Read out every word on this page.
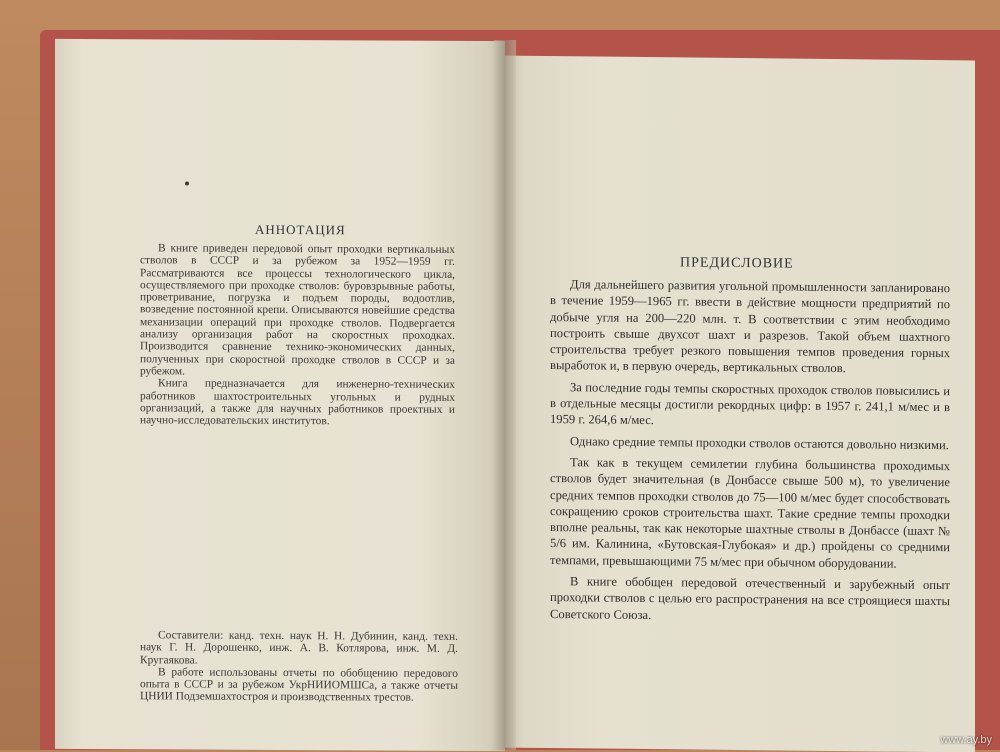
АННОТАЦИЯ

В книге приведен передовой опыт проходки вертикальных стволов в СССР и за рубежом за 1952—1959 гг. Рассматриваются все процессы технологического цикла, осуществляемого при проходке стволов: буровзрывные работы, проветривание, погрузка и подъем породы, водоотлив, возведение постоянной крепи. Описываются новейшие средства механизации операций при проходке стволов. Подвергается анализу организация работ на скоростных проходках. Производится сравнение технико-экономических данных, полученных при скоростной проходке стволов в СССР и за рубежом.

Книга предназначается для инженерно-технических работников шахтостроительных угольных и рудных организаций, а также для научных работников проектных и научно-исследовательских институтов.

Составители: канд. техн. наук Н. Н. Дубинин, канд. техн. наук Г. Н. Дорошенко, инж. А. В. Котлярова, инж. М. Д. Кругаякова.

В работе использованы отчеты по обобщению передового опыта в СССР и за рубежом УкрНИИОМШСа, а также отчеты ЦНИИ Подземшахтостроя и производственных трестов.

ПРЕДИСЛОВИЕ

Для дальнейшего развития угольной промышленности запланировано в течение 1959—1965 гг. ввести в действие мощности предприятий по добыче угля на 200—220 млн. т. В соответствии с этим необходимо построить свыше двухсот шахт и разрезов. Такой объем шахтного строительства требует резкого повышения темпов проведения горных выработок и, в первую очередь, вертикальных стволов.

За последние годы темпы скоростных проходок стволов повысились и в отдельные месяцы достигли рекордных цифр: в 1957 г. 241,1 м/мес и в 1959 г. 264,6 м/мес.

Однако средние темпы проходки стволов остаются довольно низкими.

Так как в текущем семилетии глубина большинства проходимых стволов будет значительная (в Донбассе свыше 500 м), то увеличение средних темпов проходки стволов до 75—100 м/мес будет способствовать сокращению сроков строительства шахт. Такие средние темпы проходки вполне реальны, так как некоторые шахтные стволы в Донбассе (шахт № 5/6 им. Калинина, «Бутовская-Глубокая» и др.) пройдены со средними темпами, превышающими 75 м/мес при обычном оборудовании.

В книге обобщен передовой отечественный и зарубежный опыт проходки стволов с целью его распространения на все строящиеся шахты Советского Союза.

www.ay.by
